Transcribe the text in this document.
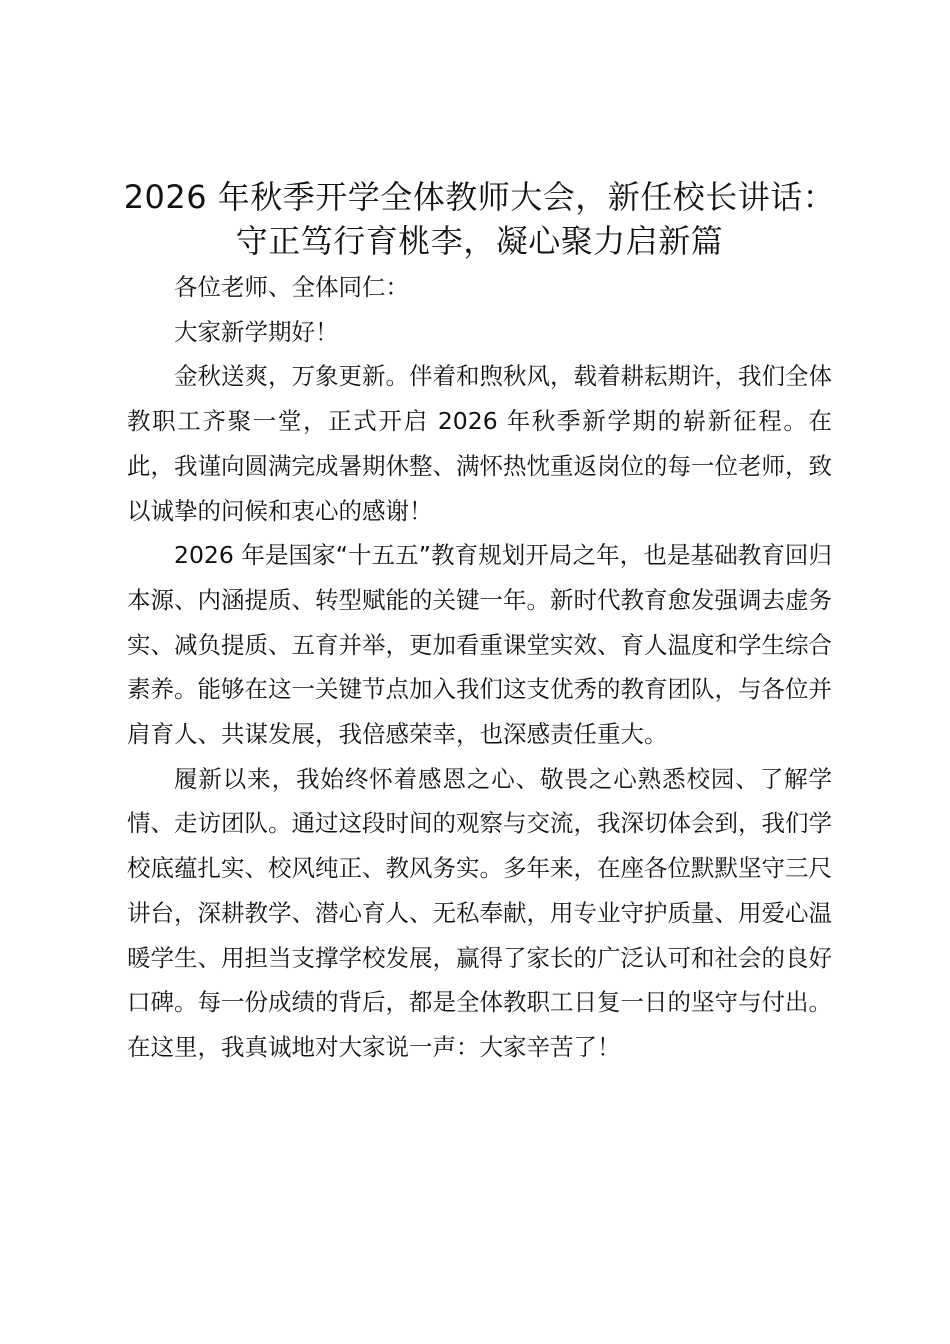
2026 年秋季开学全体教师大会，新任校长讲话：守正笃行育桃李，凝心聚力启新篇

各位老师、全体同仁：

大家新学期好！

金秋送爽，万象更新。伴着和煦秋风，载着耕耘期许，我们全体教职工齐聚一堂，正式开启 2026 年秋季新学期的崭新征程。在此，我谨向圆满完成暑期休整、满怀热忱重返岗位的每一位老师，致以诚挚的问候和衷心的感谢！

2026 年是国家“十五五”教育规划开局之年，也是基础教育回归本源、内涵提质、转型赋能的关键一年。新时代教育愈发强调去虚务实、减负提质、五育并举，更加看重课堂实效、育人温度和学生综合素养。能够在这一关键节点加入我们这支优秀的教育团队，与各位并肩育人、共谋发展，我倍感荣幸，也深感责任重大。

履新以来，我始终怀着感恩之心、敬畏之心熟悉校园、了解学情、走访团队。通过这段时间的观察与交流，我深切体会到，我们学校底蕴扎实、校风纯正、教风务实。多年来，在座各位默默坚守三尺讲台，深耕教学、潜心育人、无私奉献，用专业守护质量、用爱心温暖学生、用担当支撑学校发展，赢得了家长的广泛认可和社会的良好口碑。每一份成绩的背后，都是全体教职工日复一日的坚守与付出。在这里，我真诚地对大家说一声：大家辛苦了！
